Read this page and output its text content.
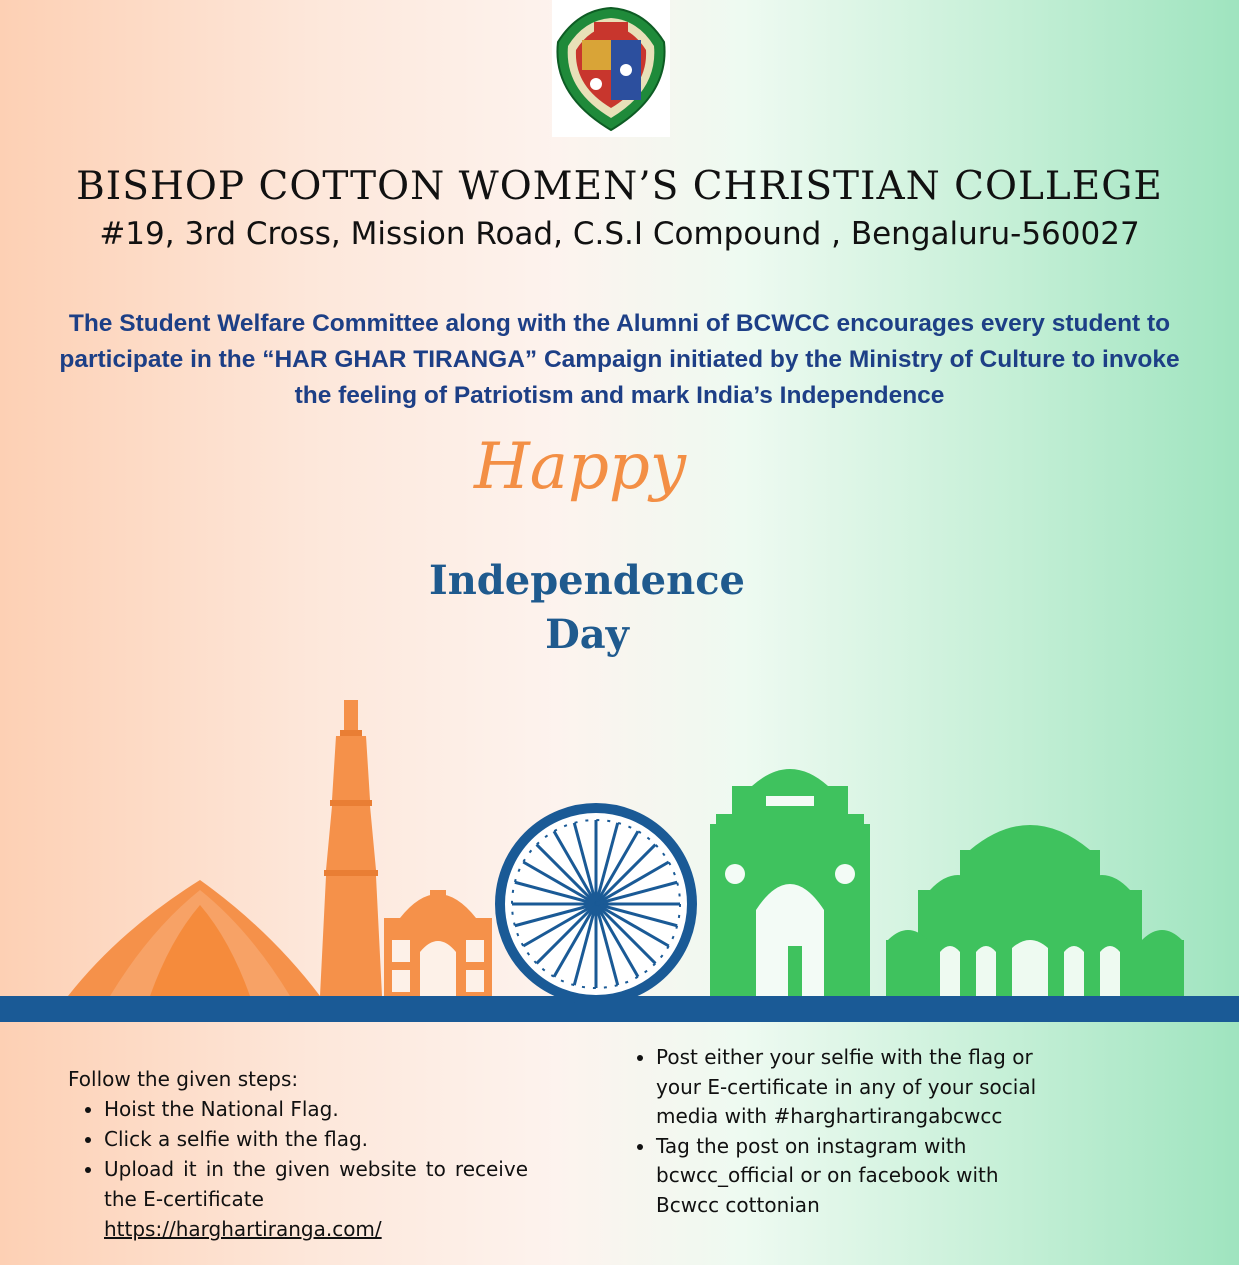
BISHOP COTTON WOMEN’S CHRISTIAN COLLEGE
#19, 3rd Cross, Mission Road, C.S.I Compound , Bengaluru-560027
The Student Welfare Committee along with the Alumni of BCWCC encourages every student to participate in the “HAR GHAR TIRANGA” Campaign initiated by the Ministry of Culture to invoke the feeling of Patriotism and mark India’s Independence
Happy
Independence
Day
Follow the given steps:
• Hoist the National Flag.
• Click a selfie with the flag.
• Upload it in the given website to receive the E-certificate
https://harghartiranga.com/
• Post either your selfie with the flag or your E-certificate in any of your social media with #harghartirangabcwcc
• Tag the post on instagram with bcwcc_official or on facebook with Bcwcc cottonian
